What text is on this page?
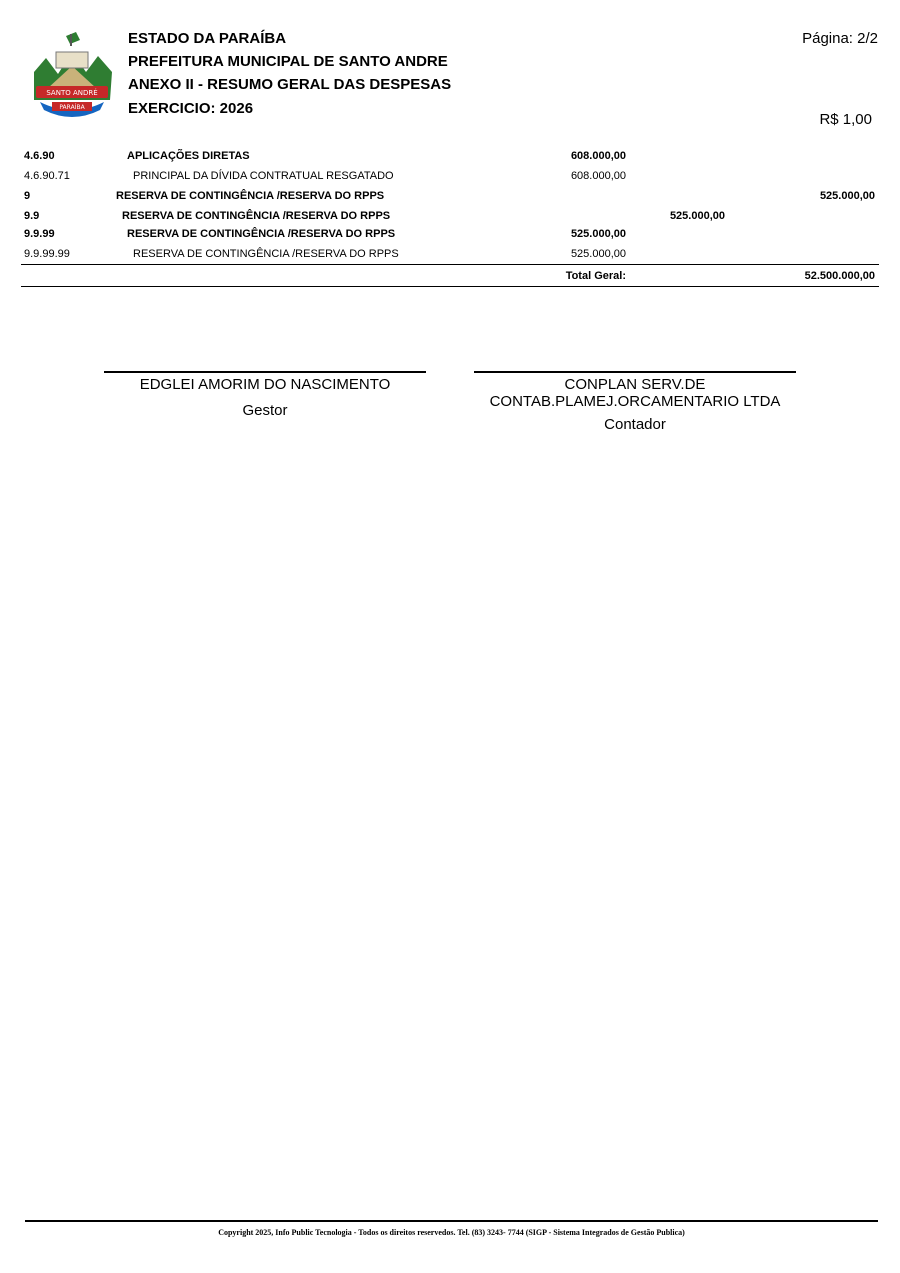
SANTO ANDRÉ
PARAÍBA
ESTADO DA PARAÍBA
PREFEITURA MUNICIPAL DE SANTO ANDRE
ANEXO II - RESUMO GERAL DAS DESPESAS
EXERCICIO: 2026
Página: 2/2
R$ 1,00
4.6.90	APLICAÇÕES DIRETAS	608.000,00
4.6.90.71	PRINCIPAL DA DÍVIDA CONTRATUAL RESGATADO	608.000,00
9	RESERVA DE CONTINGÊNCIA /RESERVA DO RPPS	525.000,00
9.9	RESERVA DE CONTINGÊNCIA /RESERVA DO RPPS	525.000,00
9.9.99	RESERVA DE CONTINGÊNCIA /RESERVA DO RPPS	525.000,00
9.9.99.99	RESERVA DE CONTINGÊNCIA /RESERVA DO RPPS	525.000,00
Total Geral:	52.500.000,00
EDGLEI AMORIM DO NASCIMENTO
Gestor
CONPLAN SERV.DE CONTAB.PLAMEJ.ORCAMENTARIO LTDA
Contador
Copyright 2025, Info Public Tecnologia - Todos os direitos reservedos. Tel. (83) 3243- 7744 (SIGP - Sistema Integrados de Gestão Publica)
